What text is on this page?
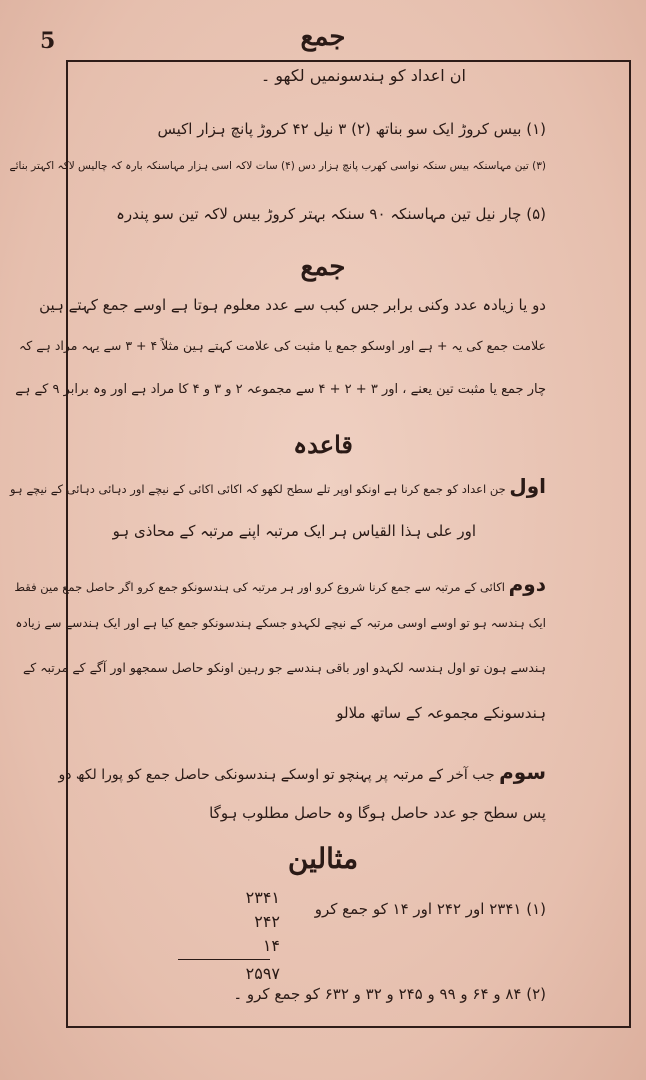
5	جمع
ان اعداد کو ہندسونمیں لکھو ۔
(۱) بیس کروڑ ایک سو بناتھ (۲) ۳ نیل ۴۲ کروڑ پانچ ہزار اکیس
(۳) تین مہاسنکہ بیس سنکہ نواسی کھرب پانچ ہزار دس (۴) سات لاکہ اسی ہزار مہاسنکہ بارہ کہ چالیس لاکہ اکہتر بنائے
(۵) چار نیل تین مہاسنکہ ۹۰ سنکہ بہتر کروڑ بیس لاکہ تین سو پندرہ
جمع
دو یا زیادہ عدد وکنی برابر جس کبب سے عدد معلوم ہوتا ہے اوسے جمع کہتے ہین
علامت جمع کی یہ + ہے اور اوسکو جمع یا مثبت کی علامت کہتے ہین مثلاً ۴ + ۳ سے یہہ مراد ہے کہ
چار جمع یا مثبت تین یعنے ، اور ۳ + ۲ + ۴ سے مجموعہ ۲ و ۳ و ۴ کا مراد ہے اور وہ برابر ۹ کے ہے
قاعدہ
اول جن اعداد کو جمع کرنا ہے اونکو اوپر تلے سطح لکھو کہ اکائی اکائی کے نیچے اور دہائی دہائی کے نیچے ہو
اور علی ہذا القیاس ہر ایک مرتبہ اپنے مرتبہ کے محاذی ہو
دوم اکائی کے مرتبہ سے جمع کرنا شروع کرو اور ہر مرتبہ کی ہندسونکو جمع کرو اگر حاصل جمع مین فقط
ایک ہندسہ ہو تو اوسے اوسی مرتبہ کے نیچے لکہدو جسکے ہندسونکو جمع کیا ہے اور ایک ہندسے سے زیادہ
ہندسے ہون تو اول ہندسہ لکہدو اور باقی ہندسے جو رہین اونکو حاصل سمجھو اور آگے کے مرتبہ کے
ہندسونکے مجموعہ کے ساتھ ملالو
سوم جب آخر کے مرتبہ پر پہنچو تو اوسکے ہندسونکی حاصل جمع کو پورا لکھ دو
پس سطح جو عدد حاصل ہوگا وہ حاصل مطلوب ہوگا
مثالین
(۱) ۲۳۴۱ اور ۲۴۲ اور ۱۴ کو جمع کرو
۲۳۴۱
۲۴۲
۱۴
۲۵۹۷
(۲) ۸۴ و ۶۴ و ۹۹ و ۲۴۵ و ۳۲ و ۶۳۲ کو جمع کرو ۔
